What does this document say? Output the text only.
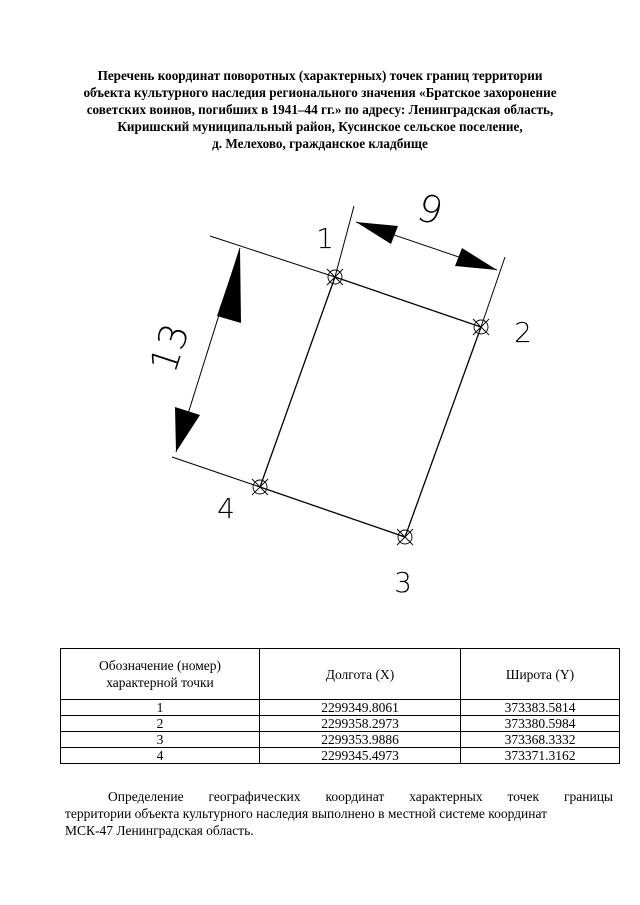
Перечень координат поворотных (характерных) точек границ территории
объекта культурного наследия регионального значения «Братское захоронение
советских воинов, погибших в 1941–44 гг.» по адресу: Ленинградская область,
Киришский муниципальный район, Кусинское сельское поселение,
д. Мелехово, гражданское кладбище
9
13
1
2
3
4
Обозначение (номер) характерной точки	Долгота (X)	Широта (Y)
1	2299349.8061	373383.5814
2	2299358.2973	373380.5984
3	2299353.9886	373368.3332
4	2299345.4973	373371.3162
Определение географических координат характерных точек границы
территории объекта культурного наследия выполнено в местной системе координат
МСК-47 Ленинградская область.
